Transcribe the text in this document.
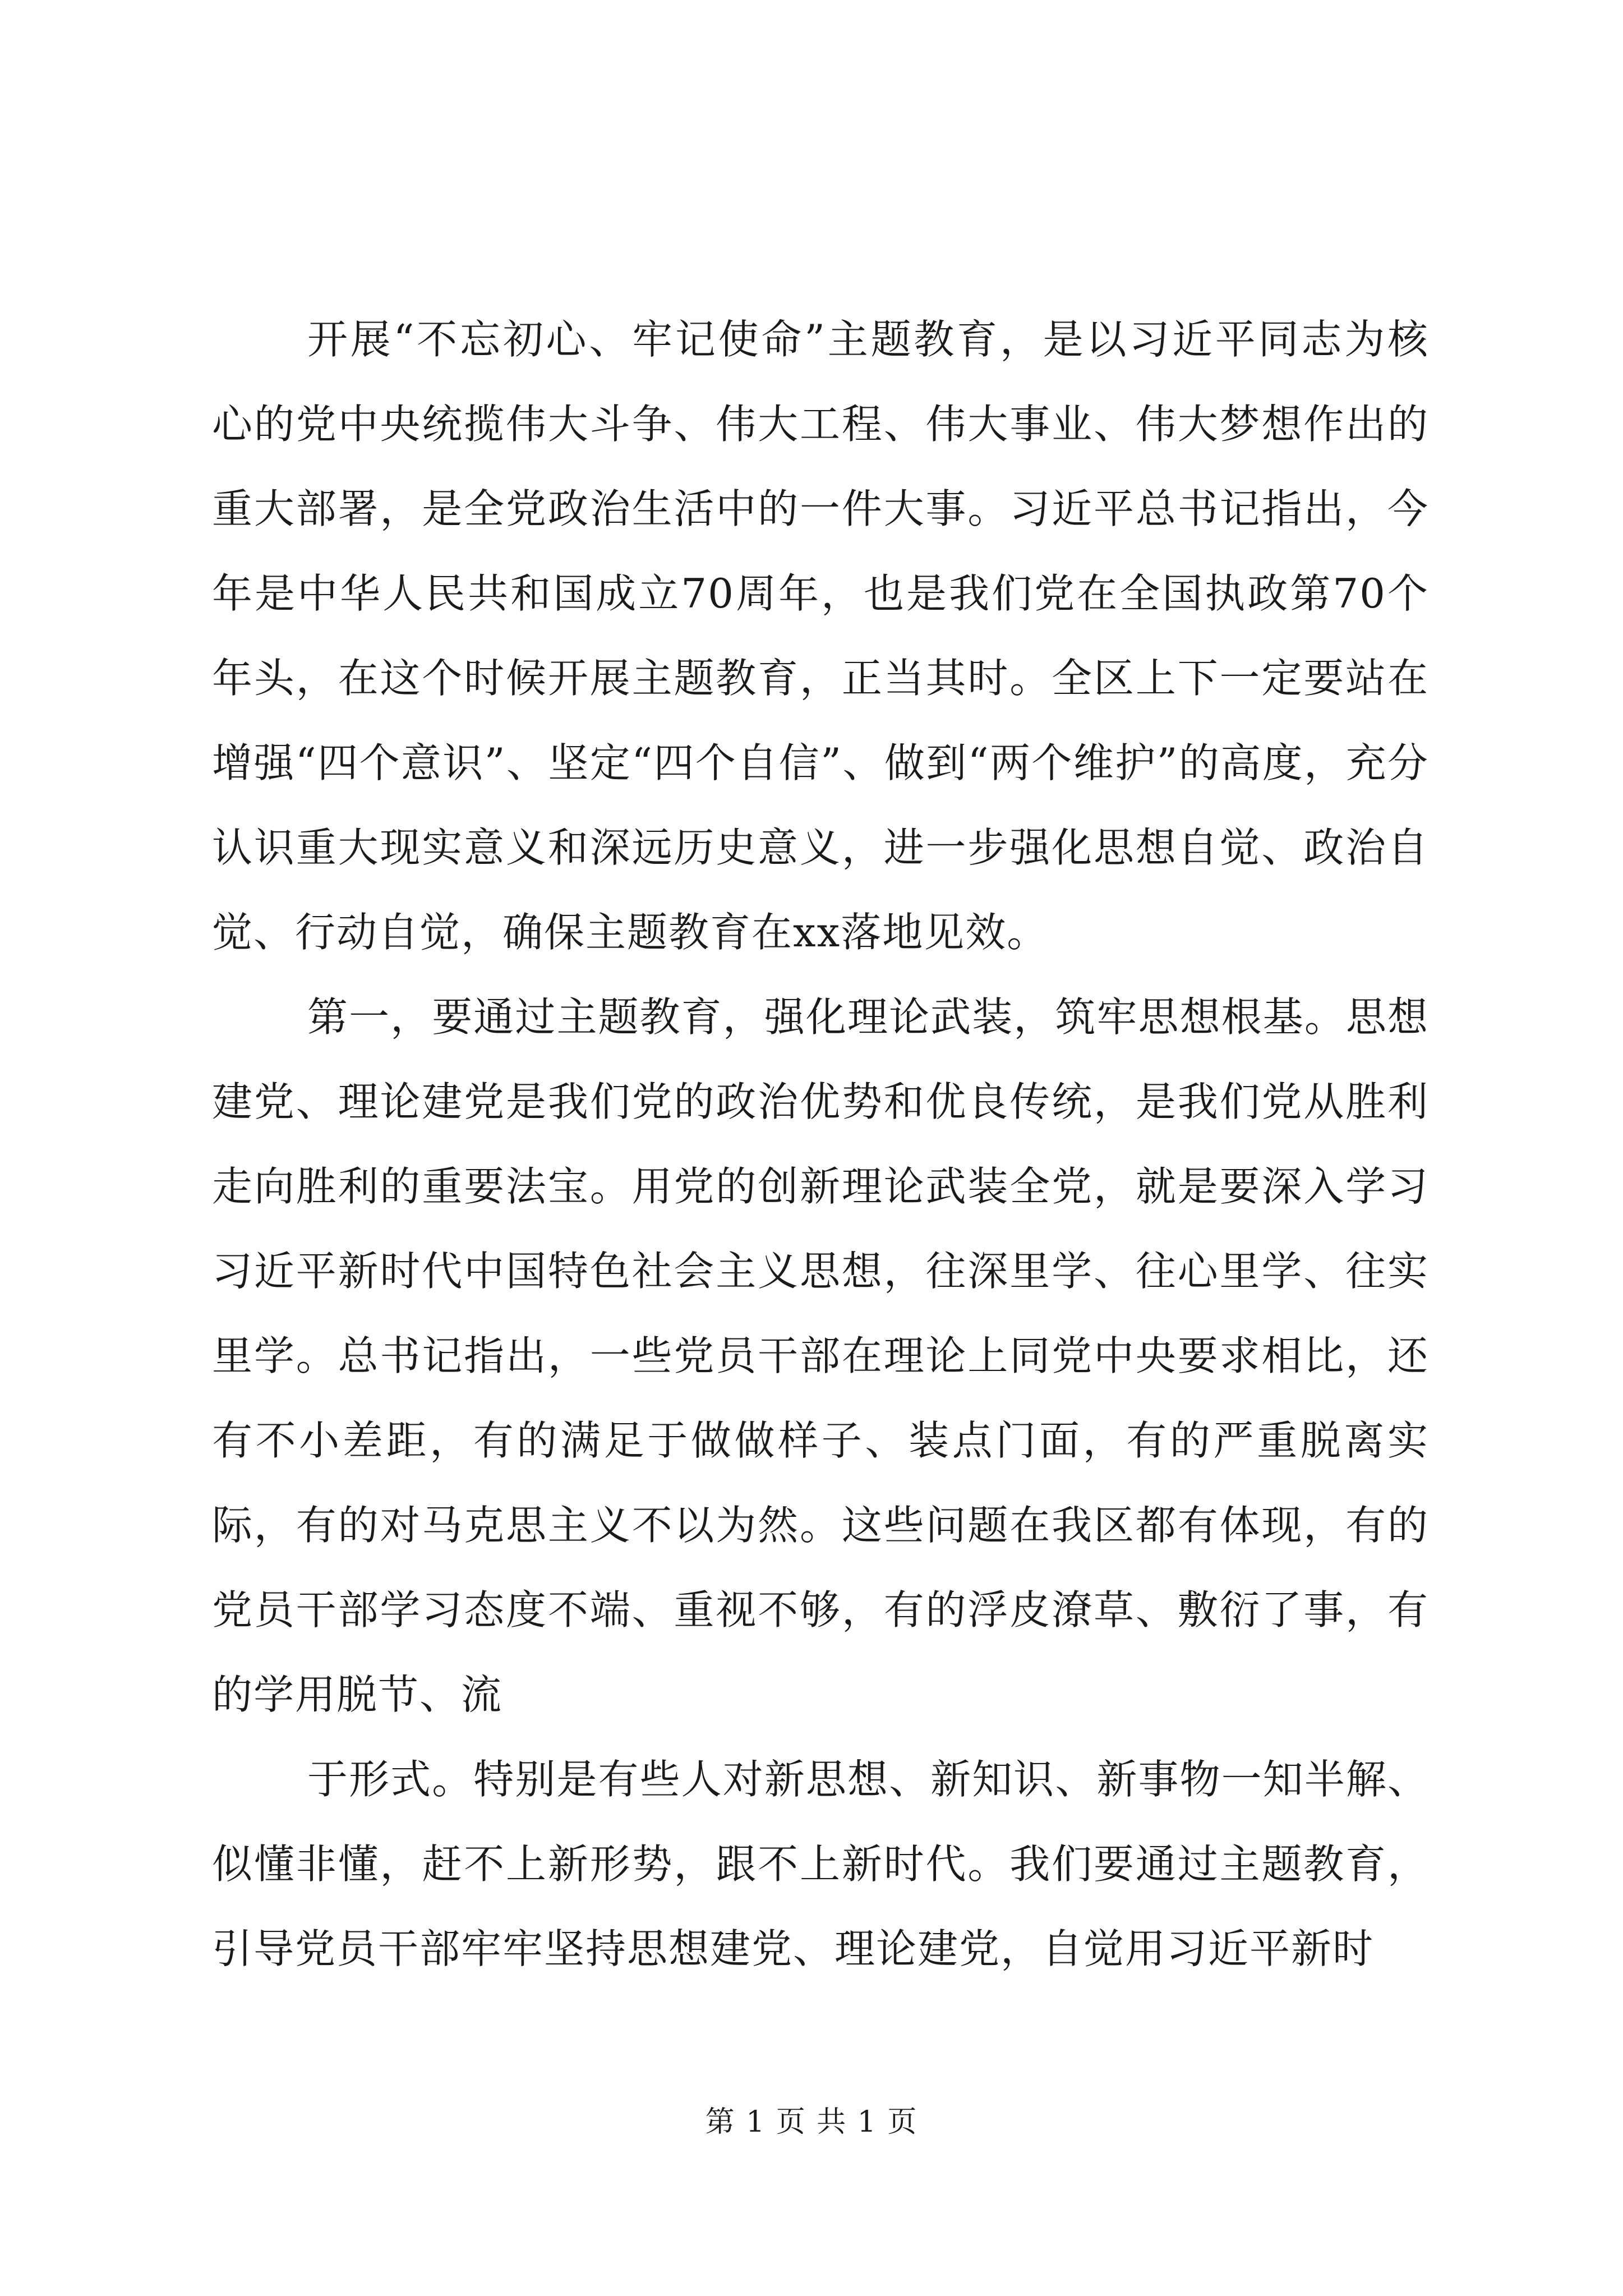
开展“不忘初心、牢记使命”主题教育，是以习近平同志为核心的党中央统揽伟大斗争、伟大工程、伟大事业、伟大梦想作出的重大部署，是全党政治生活中的一件大事。习近平总书记指出，今年是中华人民共和国成立70周年，也是我们党在全国执政第70个年头，在这个时候开展主题教育，正当其时。全区上下一定要站在增强“四个意识”、坚定“四个自信”、做到“两个维护”的高度，充分认识重大现实意义和深远历史意义，进一步强化思想自觉、政治自觉、行动自觉，确保主题教育在xx落地见效。

第一，要通过主题教育，强化理论武装，筑牢思想根基。思想建党、理论建党是我们党的政治优势和优良传统，是我们党从胜利走向胜利的重要法宝。用党的创新理论武装全党，就是要深入学习习近平新时代中国特色社会主义思想，往深里学、往心里学、往实里学。总书记指出，一些党员干部在理论上同党中央要求相比，还有不小差距，有的满足于做做样子、装点门面，有的严重脱离实际，有的对马克思主义不以为然。这些问题在我区都有体现，有的党员干部学习态度不端、重视不够，有的浮皮潦草、敷衍了事，有的学用脱节、流

于形式。特别是有些人对新思想、新知识、新事物一知半解、似懂非懂，赶不上新形势，跟不上新时代。我们要通过主题教育，引导党员干部牢牢坚持思想建党、理论建党，自觉用习近平新时

第 1 页 共 1 页
